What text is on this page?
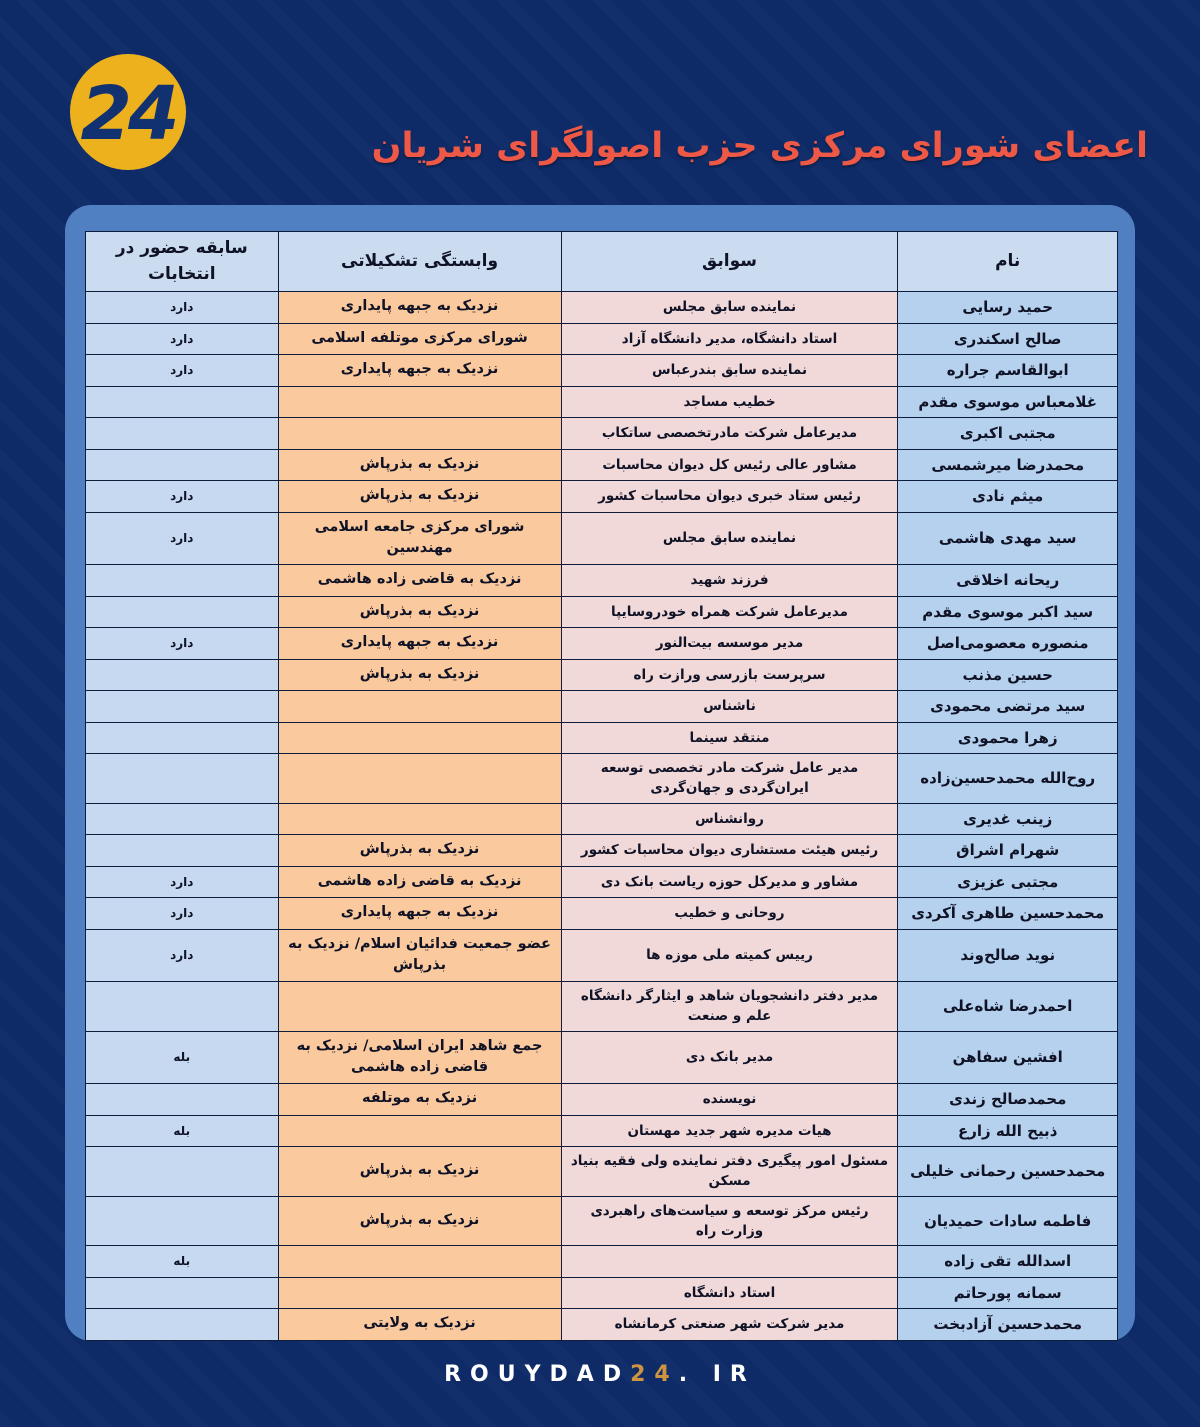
24	اعضای شورای مرکزی حزب اصولگرای شریان
نام	سوابق	وابستگی تشکیلاتی	سابقه حضور در انتخابات
حمید رسایی	نماینده سابق مجلس	نزدیک به جبهه پایداری	دارد
صالح اسکندری	استاد دانشگاه، مدیر دانشگاه آزاد	شورای مرکزی موتلفه اسلامی	دارد
ابوالقاسم جراره	نماینده سابق بندرعباس	نزدیک به جبهه پایداری	دارد
غلامعباس موسوی مقدم	خطیب مساجد		
مجتبی اکبری	مدیرعامل شرکت مادرتخصصی ساتکاب		
محمدرضا میرشمسی	مشاور عالی رئیس کل دیوان محاسبات	نزدیک به بذرپاش	
میثم نادی	رئیس ستاد خبری دیوان محاسبات کشور	نزدیک به بذرپاش	دارد
سید مهدی هاشمی	نماینده سابق مجلس	شورای مرکزی جامعه اسلامی مهندسین	دارد
ریحانه اخلاقی	فرزند شهید	نزدیک به قاضی زاده هاشمی	
سید اکبر موسوی مقدم	مدیرعامل شرکت همراه خودروسایپا	نزدیک به بذرپاش	
منصوره معصومی‌اصل	مدیر موسسه بیت‌النور	نزدیک به جبهه پایداری	دارد
حسین مذنب	سرپرست بازرسی ورازت راه	نزدیک به بذرپاش	
سید مرتضی محمودی	ناشناس		
زهرا محمودی	منتقد سینما		
روح‌الله محمدحسین‌زاده	مدیر عامل شرکت مادر تخصصی توسعه ایران‌گردی و جهان‌گردی		
زینب غدیری	روانشناس		
شهرام اشراق	رئیس هیئت مستشاری دیوان محاسبات کشور	نزدیک به بذرپاش	
مجتبی عزیزی	مشاور و مدیرکل حوزه ریاست بانک دی	نزدیک به قاضی زاده هاشمی	دارد
محمدحسین طاهری آکردی	روحانی و خطیب	نزدیک به جبهه پایداری	دارد
نوید صالح‌وند	رییس کمیته ملی موزه ها	عضو جمعیت فدائیان اسلام/ نزدیک به بذرپاش	دارد
احمدرضا شاه‌علی	مدیر دفتر دانشجویان شاهد و ایثارگر دانشگاه علم و صنعت		
افشین سفاهن	مدیر بانک دی	جمع شاهد ایران اسلامی/ نزدیک به قاضی زاده هاشمی	بله
محمدصالح زندی	نویسنده	نزدیک به موتلفه	
ذبیح الله زارع	هیات مدیره شهر جدید مهستان		بله
محمدحسین رحمانی خلیلی	مسئول امور پیگیری دفتر نماینده ولی فقیه بنیاد مسکن	نزدیک به بذرپاش	
فاطمه سادات حمیدیان	رئیس مرکز توسعه و سیاست‌های راهبردی وزارت راه	نزدیک به بذرپاش	
اسدالله تقی زاده			بله
سمانه پورحاتم	استاد دانشگاه		
محمدحسین آزادبخت	مدیر شرکت شهر صنعتی کرمانشاه	نزدیک به ولایتی	
ROUYDAD24. IR
